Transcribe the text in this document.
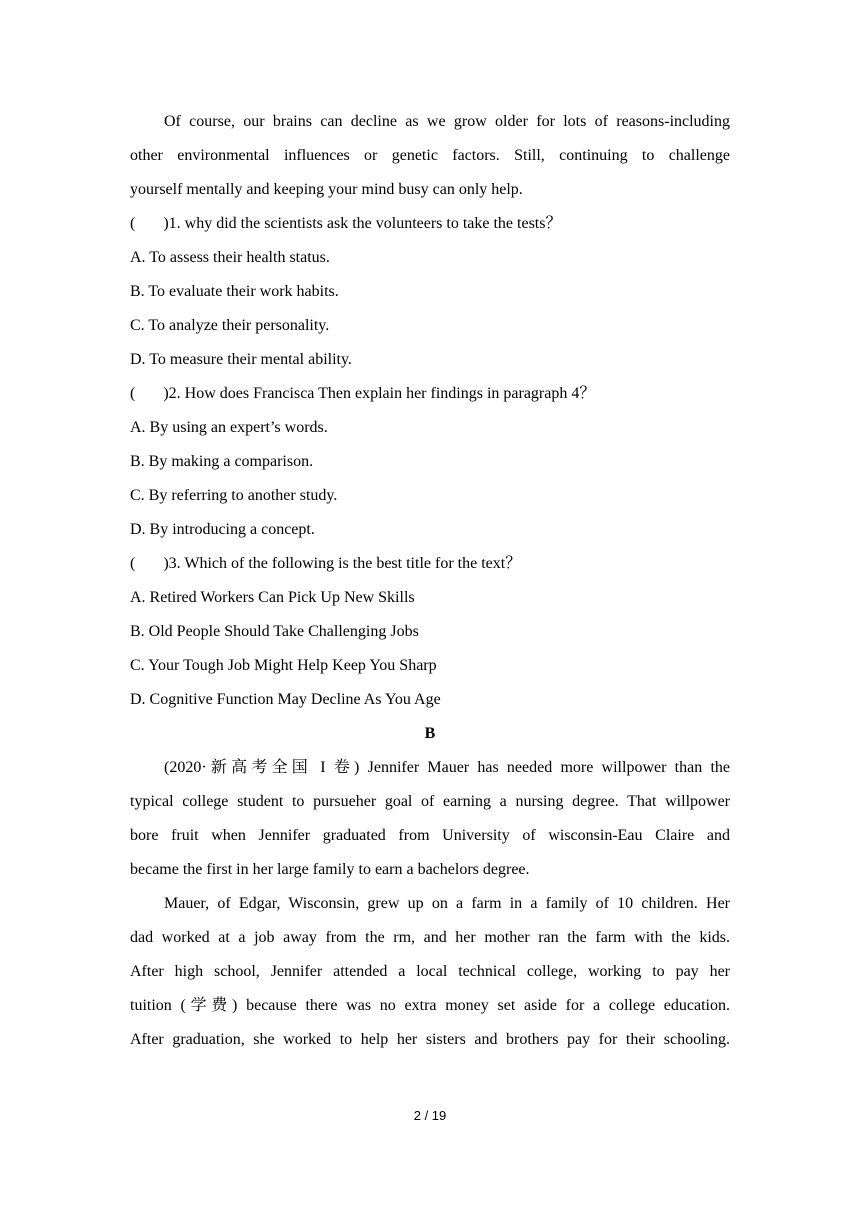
Of course, our brains can decline as we grow older for lots of reasons-including
other environmental influences or genetic factors. Still, continuing to challenge
yourself mentally and keeping your mind busy can only help.
(       )1. why did the scientists ask the volunteers to take the tests？
A. To assess their health status.
B. To evaluate their work habits.
C. To analyze their personality.
D. To measure their mental ability.
(       )2. How does Francisca Then explain her findings in paragraph 4？
A. By using an expert’s words.
B. By making a comparison.
C. By referring to another study.
D. By introducing a concept.
(       )3. Which of the following is the best title for the text？
A. Retired Workers Can Pick Up New Skills
B. Old People Should Take Challenging Jobs
C. Your Tough Job Might Help Keep You Sharp
D. Cognitive Function May Decline As You Age
B
(2020·新高考全国 I 卷) Jennifer Mauer has needed more willpower than the
typical college student to pursueher goal of earning a nursing degree. That willpower
bore fruit when Jennifer graduated from University of wisconsin-Eau Claire and
became the first in her large family to earn a bachelors degree.
Mauer, of Edgar, Wisconsin, grew up on a farm in a family of 10 children. Her
dad worked at a job away from the rm, and her mother ran the farm with the kids.
After high school, Jennifer attended a local technical college, working to pay her
tuition (学费) because there was no extra money set aside for a college education.
After graduation, she worked to help her sisters and brothers pay for their schooling.
2 / 19
